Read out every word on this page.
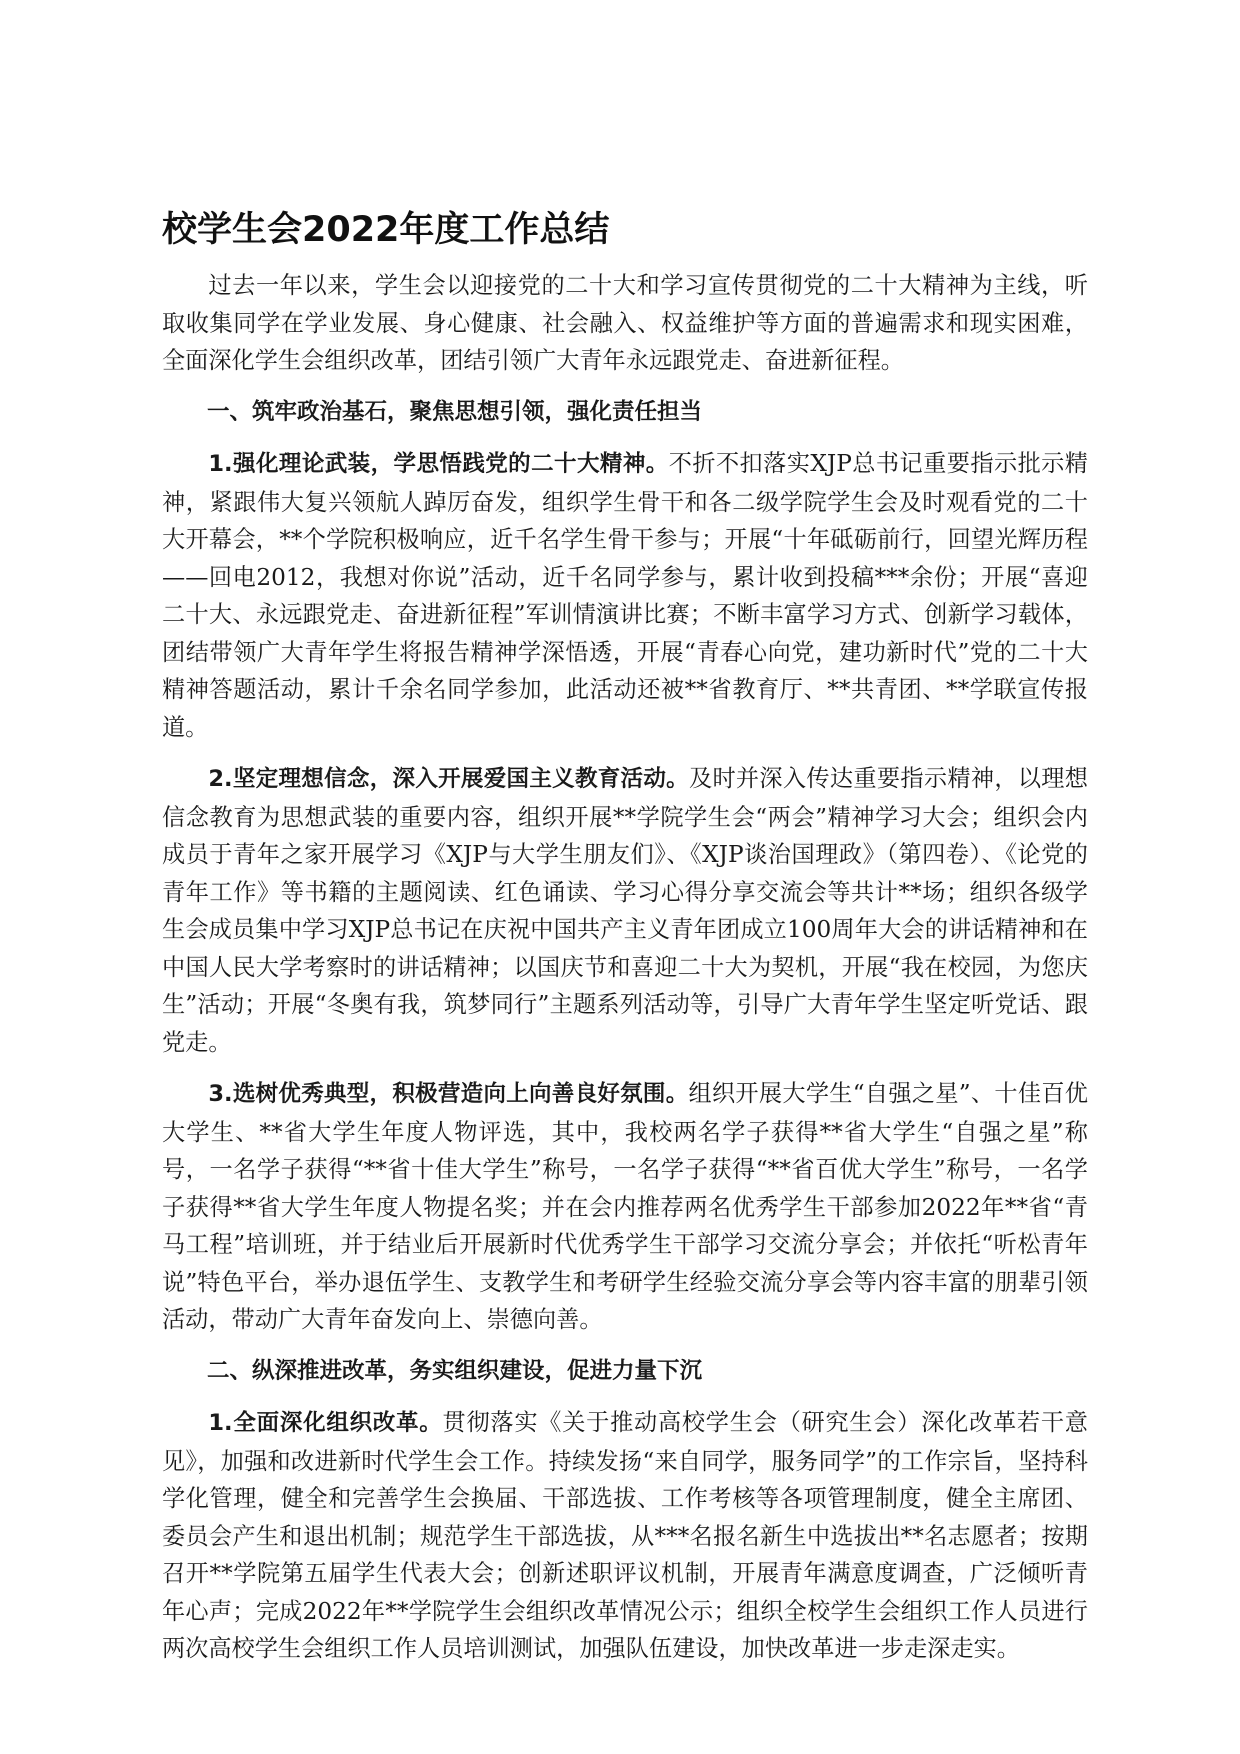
校学生会2022年度工作总结

过去一年以来，学生会以迎接党的二十大和学习宣传贯彻党的二十大精神为主线，听取收集同学在学业发展、身心健康、社会融入、权益维护等方面的普遍需求和现实困难，全面深化学生会组织改革，团结引领广大青年永远跟党走、奋进新征程。

一、筑牢政治基石，聚焦思想引领，强化责任担当

1.强化理论武装，学思悟践党的二十大精神。不折不扣落实XJP总书记重要指示批示精神，紧跟伟大复兴领航人踔厉奋发，组织学生骨干和各二级学院学生会及时观看党的二十大开幕会，**个学院积极响应，近千名学生骨干参与；开展“十年砥砺前行，回望光辉历程——回电2012，我想对你说”活动，近千名同学参与，累计收到投稿***余份；开展“喜迎二十大、永远跟党走、奋进新征程”军训情演讲比赛；不断丰富学习方式、创新学习载体，团结带领广大青年学生将报告精神学深悟透，开展“青春心向党，建功新时代”党的二十大精神答题活动，累计千余名同学参加，此活动还被**省教育厅、**共青团、**学联宣传报道。

2.坚定理想信念，深入开展爱国主义教育活动。及时并深入传达重要指示精神，以理想信念教育为思想武装的重要内容，组织开展**学院学生会“两会”精神学习大会；组织会内成员于青年之家开展学习《XJP与大学生朋友们》、《XJP谈治国理政》（第四卷）、《论党的青年工作》等书籍的主题阅读、红色诵读、学习心得分享交流会等共计**场；组织各级学生会成员集中学习XJP总书记在庆祝中国共产主义青年团成立100周年大会的讲话精神和在中国人民大学考察时的讲话精神；以国庆节和喜迎二十大为契机，开展“我在校园，为您庆生”活动；开展“冬奥有我，筑梦同行”主题系列活动等，引导广大青年学生坚定听党话、跟党走。

3.选树优秀典型，积极营造向上向善良好氛围。组织开展大学生“自强之星”、十佳百优大学生、**省大学生年度人物评选，其中，我校两名学子获得**省大学生“自强之星”称号，一名学子获得“**省十佳大学生”称号，一名学子获得“**省百优大学生”称号，一名学子获得**省大学生年度人物提名奖；并在会内推荐两名优秀学生干部参加2022年**省“青马工程”培训班，并于结业后开展新时代优秀学生干部学习交流分享会；并依托“听松青年说”特色平台，举办退伍学生、支教学生和考研学生经验交流分享会等内容丰富的朋辈引领活动，带动广大青年奋发向上、崇德向善。

二、纵深推进改革，务实组织建设，促进力量下沉

1.全面深化组织改革。贯彻落实《关于推动高校学生会（研究生会）深化改革若干意见》，加强和改进新时代学生会工作。持续发扬“来自同学，服务同学”的工作宗旨，坚持科学化管理，健全和完善学生会换届、干部选拔、工作考核等各项管理制度，健全主席团、委员会产生和退出机制；规范学生干部选拔，从***名报名新生中选拔出**名志愿者；按期召开**学院第五届学生代表大会；创新述职评议机制，开展青年满意度调查，广泛倾听青年心声；完成2022年**学院学生会组织改革情况公示；组织全校学生会组织工作人员进行两次高校学生会组织工作人员培训测试，加强队伍建设，加快改革进一步走深走实。
